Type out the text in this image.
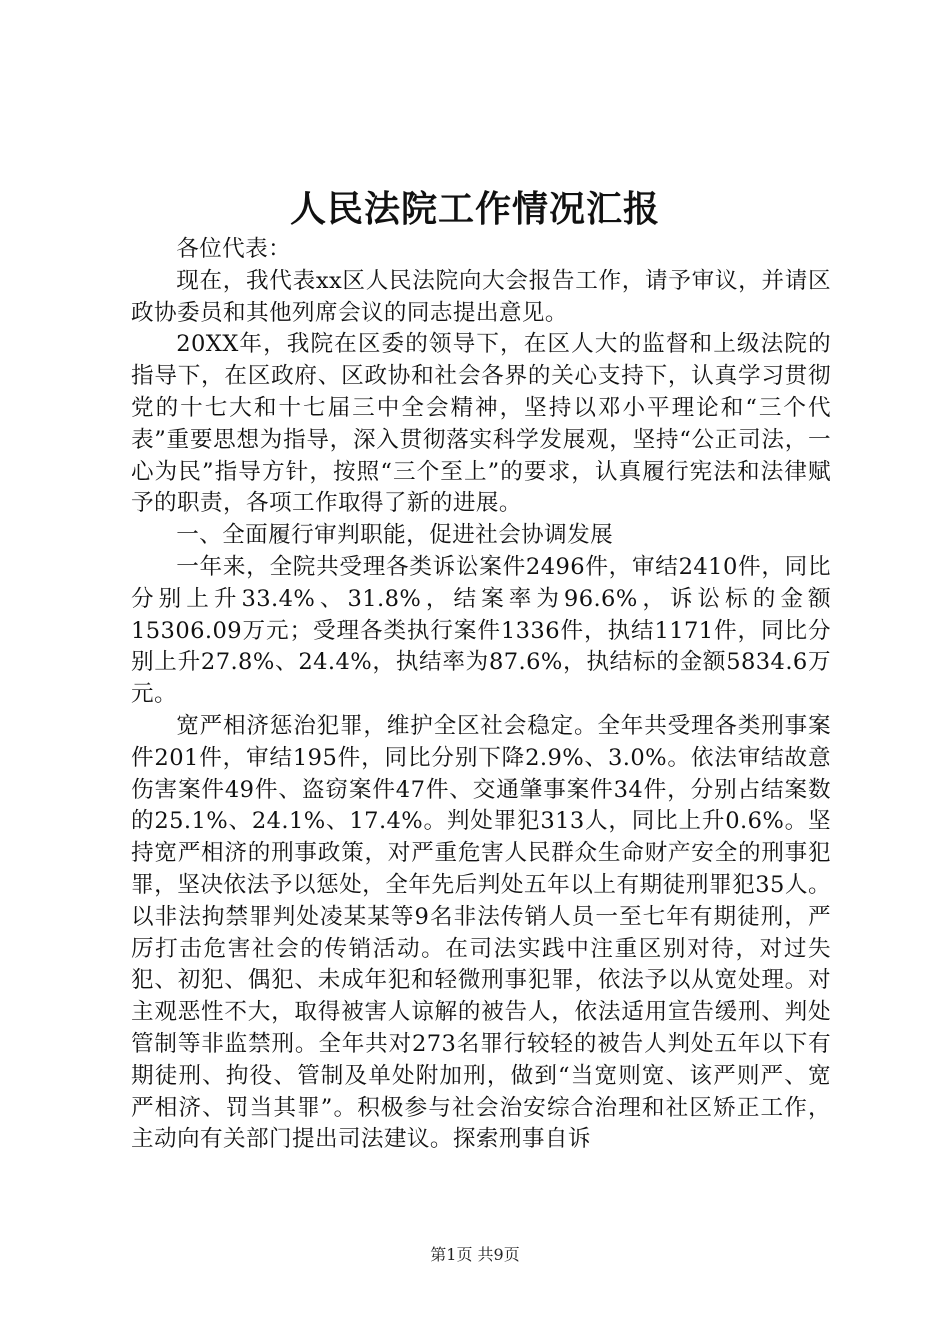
人民法院工作情况汇报

各位代表：

现在，我代表xx区人民法院向大会报告工作，请予审议，并请区政协委员和其他列席会议的同志提出意见。

20XX年，我院在区委的领导下，在区人大的监督和上级法院的指导下，在区政府、区政协和社会各界的关心支持下，认真学习贯彻党的十七大和十七届三中全会精神，坚持以邓小平理论和“三个代表”重要思想为指导，深入贯彻落实科学发展观，坚持“公正司法，一心为民”指导方针，按照“三个至上”的要求，认真履行宪法和法律赋予的职责，各项工作取得了新的进展。

一、全面履行审判职能，促进社会协调发展

一年来，全院共受理各类诉讼案件2496件，审结2410件，同比分别上升33.4%、31.8%，结案率为96.6%，诉讼标的金额15306.09万元；受理各类执行案件1336件，执结1171件，同比分别上升27.8%、24.4%，执结率为87.6%，执结标的金额5834.6万元。

宽严相济惩治犯罪，维护全区社会稳定。全年共受理各类刑事案件201件，审结195件，同比分别下降2.9%、3.0%。依法审结故意伤害案件49件、盗窃案件47件、交通肇事案件34件，分别占结案数的25.1%、24.1%、17.4%。判处罪犯313人，同比上升0.6%。坚持宽严相济的刑事政策，对严重危害人民群众生命财产安全的刑事犯罪，坚决依法予以惩处，全年先后判处五年以上有期徒刑罪犯35人。以非法拘禁罪判处凌某某等9名非法传销人员一至七年有期徒刑，严厉打击危害社会的传销活动。在司法实践中注重区别对待，对过失犯、初犯、偶犯、未成年犯和轻微刑事犯罪，依法予以从宽处理。对主观恶性不大，取得被害人谅解的被告人，依法适用宣告缓刑、判处管制等非监禁刑。全年共对273名罪行较轻的被告人判处五年以下有期徒刑、拘役、管制及单处附加刑，做到“当宽则宽、该严则严、宽严相济、罚当其罪”。积极参与社会治安综合治理和社区矫正工作，主动向有关部门提出司法建议。探索刑事自诉

第1页 共9页
